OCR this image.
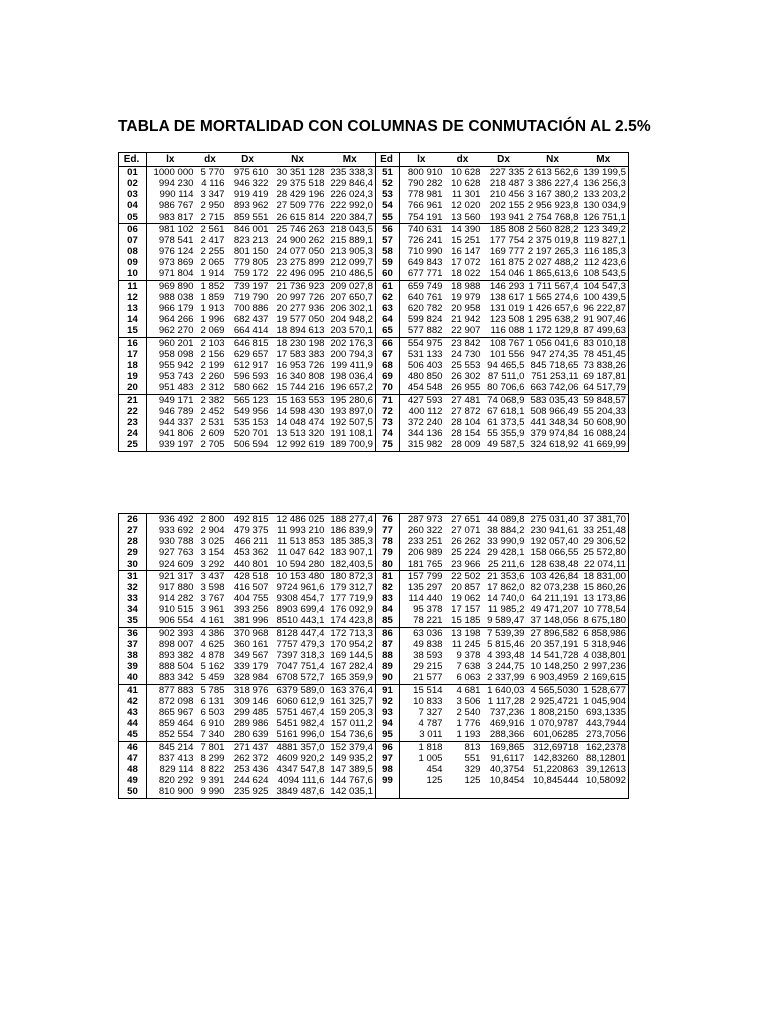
TABLA DE MORTALIDAD CON COLUMNAS DE CONMUTACIÓN AL 2.5%
Ed.	lx	dx	Dx	Nx	Mx	Ed	lx	dx	Dx	Nx	Mx
01	1000 000	5 770	975 610	30 351 128	235 338,3	51	800 910	10 628	227 335	2 613 562,6	139 199,5
02	994 230	4 116	946 322	29 375 518	229 846,4	52	790 282	10 628	218 487	3 386 227,4	136 256,3
03	990 114	3 347	919 419	28 429 196	226 024,3	53	778 981	11 301	210 456	3 167 380,2	133 203,2
04	986 767	2 950	893 962	27 509 776	222 992,0	54	766 961	12 020	202 155	2 956 923,8	130 034,9
05	983 817	2 715	859 551	26 615 814	220 384,7	55	754 191	13 560	193 941	2 754 768,8	126 751,1
06	981 102	2 561	846 001	25 746 263	218 043,5	56	740 631	14 390	185 808	2 560 828,2	123 349,2
07	978 541	2 417	823 213	24 900 262	215 889,1	57	726 241	15 251	177 754	2 375 019,8	119 827,1
08	976 124	2 255	801 150	24 077 050	213 905,3	58	710 990	16 147	169 777	2 197 265,3	116 185,3
09	973 869	2 065	779 805	23 275 899	212 099,7	59	649 843	17 072	161 875	2 027 488,2	112 423,6
10	971 804	1 914	759 172	22 496 095	210 486,5	60	677 771	18 022	154 046	1 865,613,6	108 543,5
11	969 890	1 852	739 197	21 736 923	209 027,8	61	659 749	18 988	146 293	1 711 567,4	104 547,3
12	988 038	1 859	719 790	20 997 726	207 650,7	62	640 761	19 979	138 617	1 565 274,6	100 439,5
13	966 179	1 913	700 886	20 277 936	206 302,1	63	620 782	20 958	131 019	1 426 657,6	96 222,87
14	964 266	1 996	682 437	19 577 050	204 948,2	64	599 824	21 942	123 508	1 295 638,2	91 907,46
15	962 270	2 069	664 414	18 894 613	203 570,1	65	577 882	22 907	116 088	1 172 129,8	87 499,63
16	960 201	2 103	646 815	18 230 198	202 176,3	66	554 975	23 842	108 767	1 056 041,6	83 010,18
17	958 098	2 156	629 657	17 583 383	200 794,3	67	531 133	24 730	101 556	947 274,35	78 451,45
18	955 942	2 199	612 917	16 953 726	199 411,9	68	506 403	25 553	94 465,5	845 718,65	73 838,26
19	953 743	2 260	596 593	16 340 808	198 036,4	69	480 850	26 302	87 511,0	751 253,11	69 187,81
20	951 483	2 312	580 662	15 744 216	196 657,2	70	454 548	26 955	80 706,6	663 742,06	64 517,79
21	949 171	2 382	565 123	15 163 553	195 280,6	71	427 593	27 481	74 068,9	583 035,43	59 848,57
22	946 789	2 452	549 956	14 598 430	193 897,0	72	400 112	27 872	67 618,1	508 966,49	55 204,33
23	944 337	2 531	535 153	14 048 474	192 507,5	73	372 240	28 104	61 373,5	441 348,34	50 608,90
24	941 806	2 609	520 701	13 513 320	191 108,1	74	344 136	28 154	55 355,9	379 974,84	16 088,24
25	939 197	2 705	506 594	12 992 619	189 700,9	75	315 982	28 009	49 587,5	324 618,92	41 669,99
26	936 492	2 800	492 815	12 486 025	188 277,4	76	287 973	27 651	44 089,8	275 031,40	37 381,70
27	933 692	2 904	479 375	11 993 210	186 839,9	77	260 322	27 071	38 884,2	230 941,61	33 251,48
28	930 788	3 025	466 211	11 513 853	185 385,3	78	233 251	26 262	33 990,9	192 057,40	29 306,52
29	927 763	3 154	453 362	11 047 642	183 907,1	79	206 989	25 224	29 428,1	158 066,55	25 572,80
30	924 609	3 292	440 801	10 594 280	182,403,5	80	181 765	23 966	25 211,6	128 638,48	22 074,11
31	921 317	3 437	428 518	10 153 480	180 872,3	81	157 799	22 502	21 353,6	103 426,84	18 831,00
32	917 880	3 598	416 507	9724 961,6	179 312,7	82	135 297	20 857	17 862,0	82 073,238	15 860,26
33	914 282	3 767	404 755	9308 454,7	177 719,9	83	114 440	19 062	14 740,0	64 211,191	13 173,86
34	910 515	3 961	393 256	8903 699,4	176 092,9	84	95 378	17 157	11 985,2	49 471,207	10 778,54
35	906 554	4 161	381 996	8510 443,1	174 423,8	85	78 221	15 185	9 589,47	37 148,056	8 675,180
36	902 393	4 386	370 968	8128 447,4	172 713,3	86	63 036	13 198	7 539,39	27 896,582	6 858,986
37	898 007	4 625	360 161	7757 479,3	170 954,2	87	49 838	11 245	5 815,46	20 357,191	5 318,946
38	893 382	4 878	349 567	7397 318,3	169 144,5	88	38 593	9 378	4 393,48	14 541,728	4 038,801
39	888 504	5 162	339 179	7047 751,4	167 282,4	89	29 215	7 638	3 244,75	10 148,250	2 997,236
40	883 342	5 459	328 984	6708 572,7	165 359,9	90	21 577	6 063	2 337,99	6 903,4959	2 169,615
41	877 883	5 785	318 976	6379 589,0	163 376,4	91	15 514	4 681	1 640,03	4 565,5030	1 528,677
42	872 098	6 131	309 146	6060 612,9	161 325,7	92	10 833	3 506	1 117,28	2 925,4721	1 045,904
43	865 967	6 503	299 485	5751 467,4	159 205,3	93	7 327	2 540	737,236	1 808,2150	693,1335
44	859 464	6 910	289 986	5451 982,4	157 011,2	94	4 787	1 776	469,916	1 070,9787	443,7944
45	852 554	7 340	280 639	5161 996,0	154 736,6	95	3 011	1 193	288,366	601,06285	273,7056
46	845 214	7 801	271 437	4881 357,0	152 379,4	96	1 818	813	169,865	312,69718	162,2378
47	837 413	8 299	262 372	4609 920,2	149 935,2	97	1 005	551	91,6117	142,83260	88,12801
48	829 114	8 822	253 436	4347 547,8	147 389,5	98	454	329	40,3754	51,220863	39,12613
49	820 292	9 391	244 624	4094 111,6	144 767,6	99	125	125	10,8454	10,845444	10,58092
50	810 900	9 990	235 925	3849 487,6	142 035,1						
